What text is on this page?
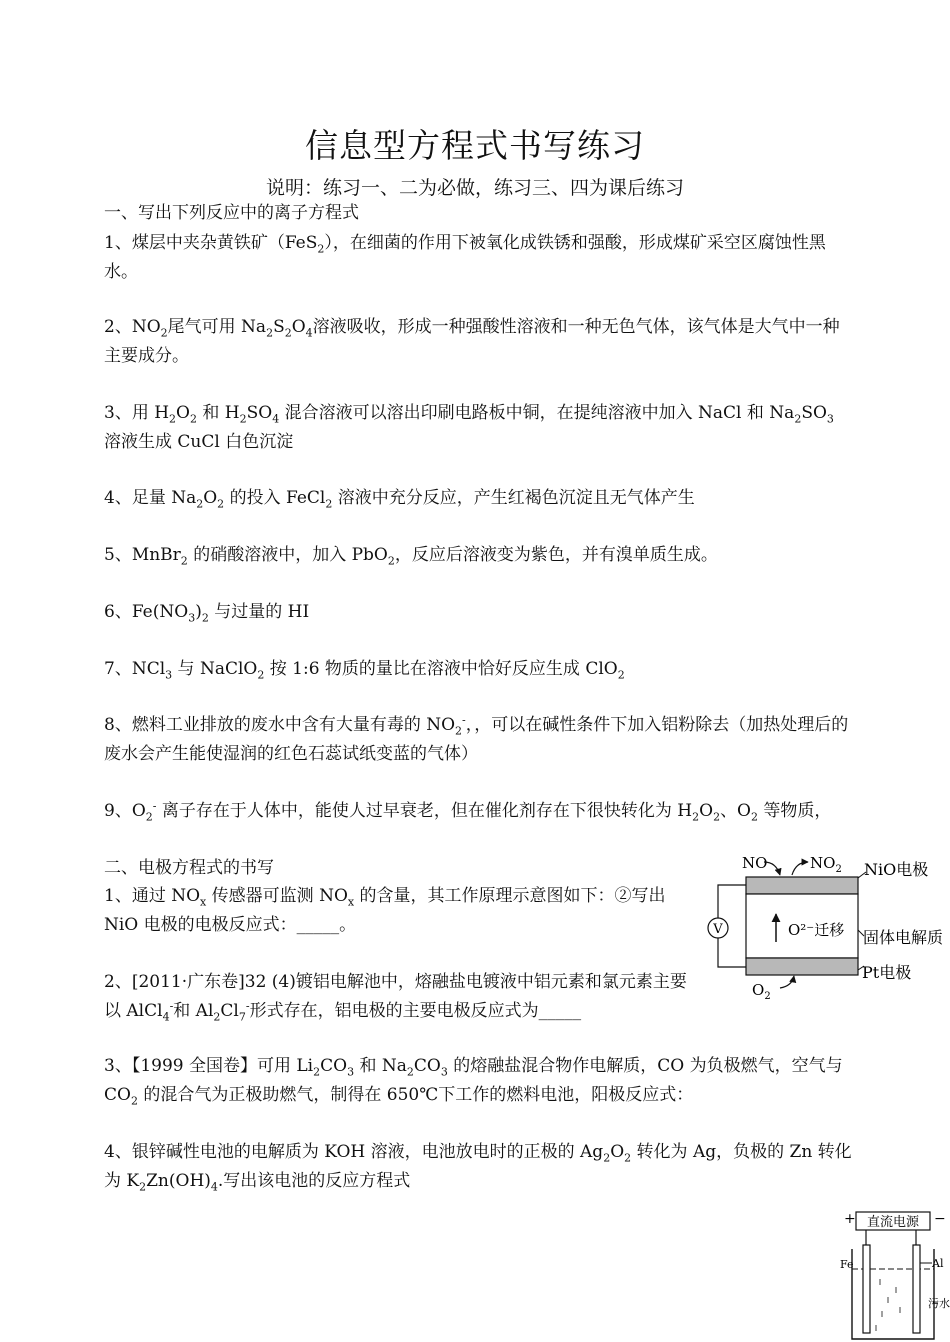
信息型方程式书写练习
说明：练习一、二为必做，练习三、四为课后练习

一、写出下列反应中的离子方程式

1、煤层中夹杂黄铁矿（FeS$_2$），在细菌的作用下被氧化成铁锈和强酸，形成煤矿采空区腐蚀性黑水。

2、$NO_2$尾气可用 $Na_2S_2O_4$溶液吸收，形成一种强酸性溶液和一种无色气体，该气体是大气中一种主要成分。

3、用 $H_2O_2$ 和 $H_2SO_4$ 混合溶液可以溶出印刷电路板中铜，在提纯溶液中加入 NaCl 和 $Na_2SO_3$ 溶液生成 CuCl 白色沉淀

4、足量 $Na_2O_2$ 的投入 FeCl$_2$ 溶液中充分反应，产生红褐色沉淀且无气体产生

5、MnBr$_2$ 的硝酸溶液中，加入 PbO$_2$，反应后溶液变为紫色，并有溴单质生成。

6、$Fe(NO_3)_2$ 与过量的 HI

7、NCl$_3$ 与 NaClO$_2$ 按 1:6 物质的量比在溶液中恰好反应生成 ClO$_2$

8、燃料工业排放的废水中含有大量有毒的 $NO_2^-$，，可以在碱性条件下加入铝粉除去（加热处理后的废水会产生能使湿润的红色石蕊试纸变蓝的气体）

9、$O_2^-$ 离子存在于人体中，能使人过早衰老，但在催化剂存在下很快转化为 $H_2O_2$、$O_2$ 等物质，

二、电极方程式的书写

1、通过 $NO_x$ 传感器可监测 $NO_x$ 的含量，其工作原理示意图如下：②写出 NiO 电极的电极反应式：_____。

2、[2011·广东卷]32 (4)镀铝电解池中，熔融盐电镀液中铝元素和氯元素主要以 AlCl$_4$-和 $Al_2Cl_7^-$形式存在，铝电极的主要电极反应式为_____

3、【1999 全国卷】可用 $Li_2CO_3$ 和 $Na_2CO_3$ 的熔融盐混合物作电解质，CO 为负极燃气，空气与 $CO_2$ 的混合气为正极助燃气，制得在 650℃下工作的燃料电池，阳极反应式：

4、银锌碱性电池的电解质为 KOH 溶液，电池放电时的正极的 $Ag_2O_2$ 转化为 Ag，负极的 Zn 转化为 $K_2Zn(OH)_4$.写出该电池的反应方程式

V	O²⁻迁移
NO	$NO_2$
$O_2$
NiO电极
固体电解质
Pt电极
+ 直流电源 −
Fe	Al
污水
